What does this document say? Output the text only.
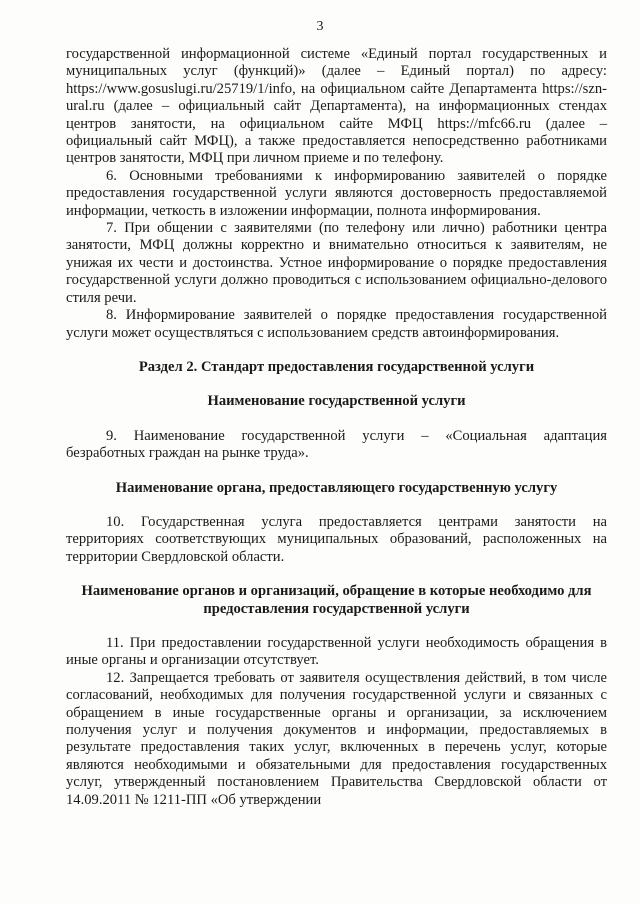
3

государственной информационной системе «Единый портал государственных и муниципальных услуг (функций)» (далее – Единый портал) по адресу: https://www.gosuslugi.ru/25719/1/info, на официальном сайте Департамента https://szn-ural.ru (далее – официальный сайт Департамента), на информационных стендах центров занятости, на официальном сайте МФЦ https://mfc66.ru (далее – официальный сайт МФЦ), а также предоставляется непосредственно работниками центров занятости, МФЦ при личном приеме и по телефону.

6. Основными требованиями к информированию заявителей о порядке предоставления государственной услуги являются достоверность предоставляемой информации, четкость в изложении информации, полнота информирования.

7. При общении с заявителями (по телефону или лично) работники центра занятости, МФЦ должны корректно и внимательно относиться к заявителям, не унижая их чести и достоинства. Устное информирование о порядке предоставления государственной услуги должно проводиться с использованием официально-делового стиля речи.

8. Информирование заявителей о порядке предоставления государственной услуги может осуществляться с использованием средств автоинформирования.

Раздел 2. Стандарт предоставления государственной услуги
Наименование государственной услуги

9. Наименование государственной услуги – «Социальная адаптация безработных граждан на рынке труда».

Наименование органа, предоставляющего государственную услугу

10. Государственная услуга предоставляется центрами занятости на территориях соответствующих муниципальных образований, расположенных на территории Свердловской области.

Наименование органов и организаций, обращение в которые необходимо для предоставления государственной услуги

11. При предоставлении государственной услуги необходимость обращения в иные органы и организации отсутствует.

12. Запрещается требовать от заявителя осуществления действий, в том числе согласований, необходимых для получения государственной услуги и связанных с обращением в иные государственные органы и организации, за исключением получения услуг и получения документов и информации, предоставляемых в результате предоставления таких услуг, включенных в перечень услуг, которые являются необходимыми и обязательными для предоставления государственных услуг, утвержденный постановлением Правительства Свердловской области от 14.09.2011 № 1211-ПП «Об утверждении
